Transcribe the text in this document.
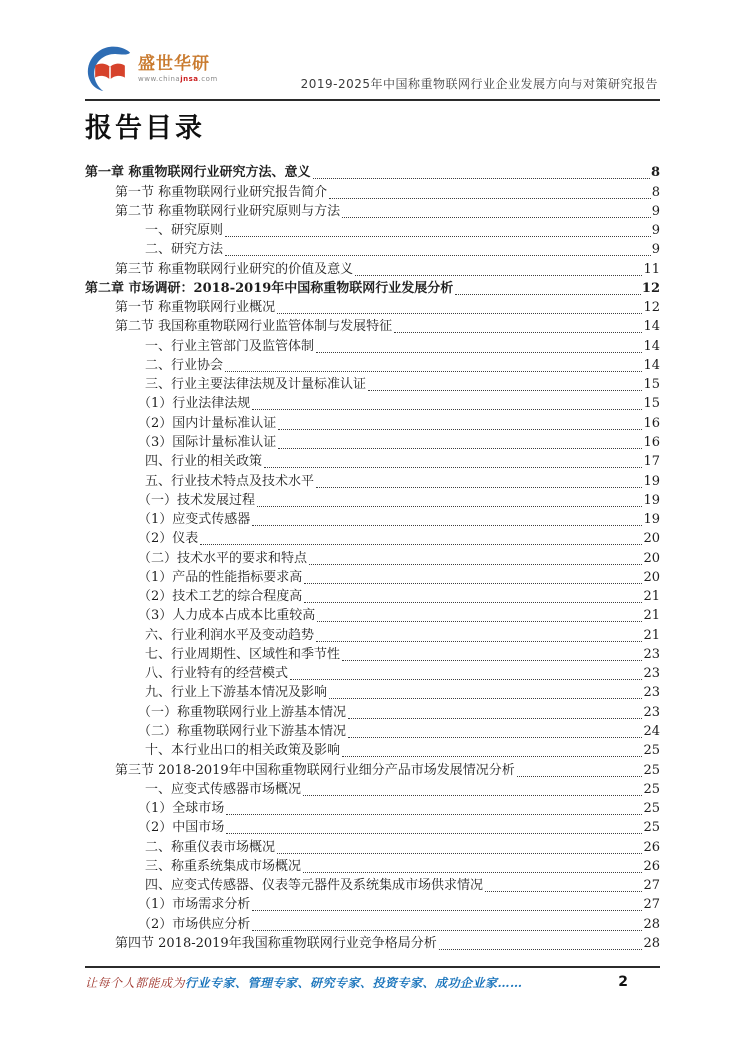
盛世华研
www.chinajnsa.com	2019-2025年中国称重物联网行业企业发展方向与对策研究报告
报告目录
第一章 称重物联网行业研究方法、意义	8
第一节 称重物联网行业研究报告简介	8
第二节 称重物联网行业研究原则与方法	9
一、研究原则	9
二、研究方法	9
第三节 称重物联网行业研究的价值及意义	11
第二章 市场调研：2018-2019年中国称重物联网行业发展分析	12
第一节 称重物联网行业概况	12
第二节 我国称重物联网行业监管体制与发展特征	14
一、行业主管部门及监管体制	14
二、行业协会	14
三、行业主要法律法规及计量标准认证	15
（1）行业法律法规	15
（2）国内计量标准认证	16
（3）国际计量标准认证	16
四、行业的相关政策	17
五、行业技术特点及技术水平	19
（一）技术发展过程	19
（1）应变式传感器	19
（2）仪表	20
（二）技术水平的要求和特点	20
（1）产品的性能指标要求高	20
（2）技术工艺的综合程度高	21
（3）人力成本占成本比重较高	21
六、行业利润水平及变动趋势	21
七、行业周期性、区域性和季节性	23
八、行业特有的经营模式	23
九、行业上下游基本情况及影响	23
（一）称重物联网行业上游基本情况	23
（二）称重物联网行业下游基本情况	24
十、本行业出口的相关政策及影响	25
第三节 2018-2019年中国称重物联网行业细分产品市场发展情况分析	25
一、应变式传感器市场概况	25
（1）全球市场	25
（2）中国市场	25
二、称重仪表市场概况	26
三、称重系统集成市场概况	26
四、应变式传感器、仪表等元器件及系统集成市场供求情况	27
（1）市场需求分析	27
（2）市场供应分析	28
第四节 2018-2019年我国称重物联网行业竞争格局分析	28
让每个人都能成为行业专家、管理专家、研究专家、投资专家、成功企业家……	2
